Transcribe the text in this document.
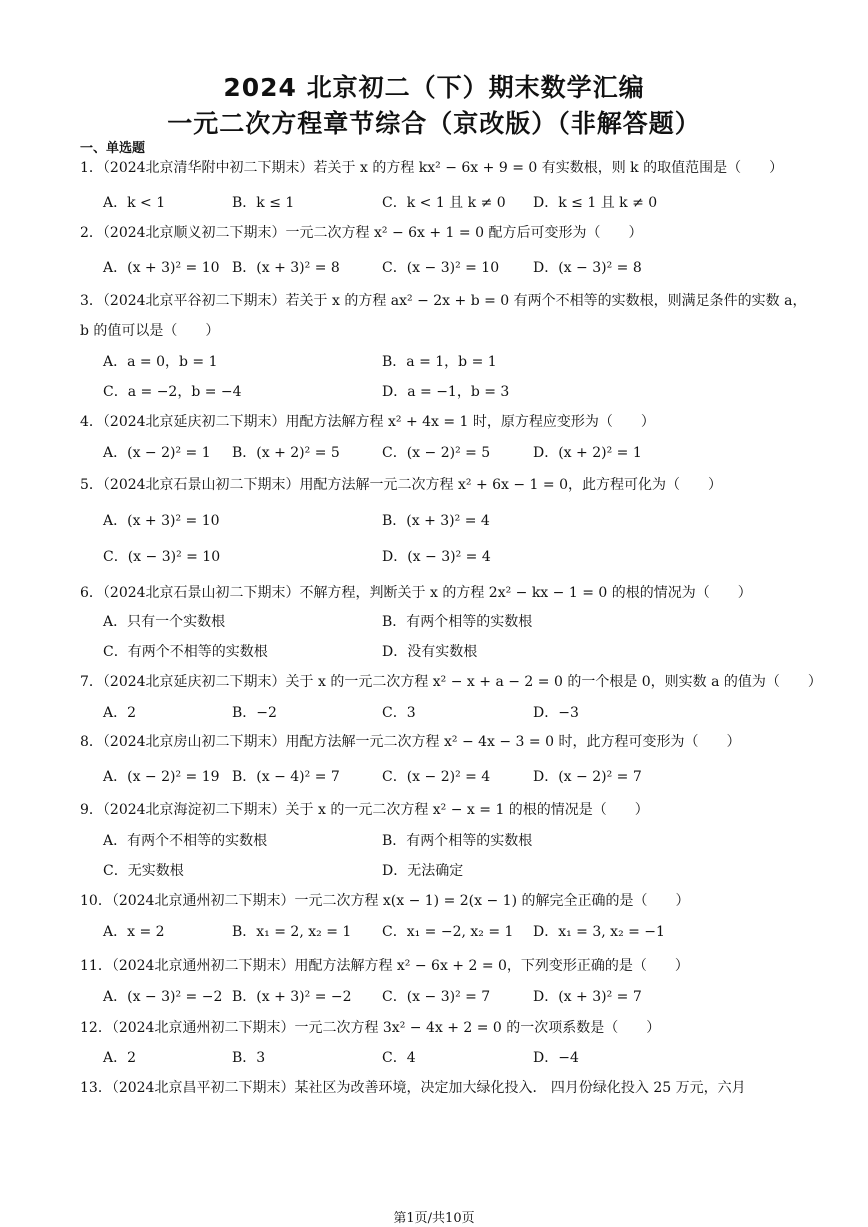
2024 北京初二（下）期末数学汇编
一元二次方程章节综合（京改版）（非解答题）
一、单选题
1．（2024北京清华附中初二下期末）若关于 x 的方程 kx² − 6x + 9 = 0 有实数根，则 k 的取值范围是（　　）
A．k < 1	B．k ≤ 1	C．k < 1 且 k ≠ 0 D．k ≤ 1 且 k ≠ 0
2．（2024北京顺义初二下期末）一元二次方程 x² − 6x + 1 = 0 配方后可变形为（　　）
A．(x + 3)² = 10 B．(x + 3)² = 8	C．(x − 3)² = 10 D．(x − 3)² = 8
3．（2024北京平谷初二下期末）若关于 x 的方程 ax² − 2x + b = 0 有两个不相等的实数根，则满足条件的实数 a，
b 的值可以是（　　）
A．a = 0，b = 1	B．a = 1，b = 1
C．a = −2，b = −4	D．a = −1，b = 3
4．（2024北京延庆初二下期末）用配方法解方程 x² + 4x = 1 时，原方程应变形为（　　）
A．(x − 2)² = 1 B．(x + 2)² = 5	C．(x − 2)² = 5	D．(x + 2)² = 1
5．（2024北京石景山初二下期末）用配方法解一元二次方程 x² + 6x − 1 = 0，此方程可化为（　　）
A．(x + 3)² = 10	B．(x + 3)² = 4
C．(x − 3)² = 10	D．(x − 3)² = 4
6．（2024北京石景山初二下期末）不解方程，判断关于 x 的方程 2x² − kx − 1 = 0 的根的情况为（　　）
A．只有一个实数根	B．有两个相等的实数根
C．有两个不相等的实数根	D．没有实数根
7．（2024北京延庆初二下期末）关于 x 的一元二次方程 x² − x + a − 2 = 0 的一个根是 0，则实数 a 的值为（　　）
A．2	B．−2	C．3	D．−3
8．（2024北京房山初二下期末）用配方法解一元二次方程 x² − 4x − 3 = 0 时，此方程可变形为（　　）
A．(x − 2)² = 19 B．(x − 4)² = 7	C．(x − 2)² = 4	D．(x − 2)² = 7
9．（2024北京海淀初二下期末）关于 x 的一元二次方程 x² − x = 1 的根的情况是（　　）
A．有两个不相等的实数根	B．有两个相等的实数根
C．无实数根	D．无法确定
10．（2024北京通州初二下期末）一元二次方程 x(x − 1) = 2(x − 1) 的解完全正确的是（　　）
A．x = 2	B．x₁ = 2, x₂ = 1 C．x₁ = −2, x₂ = 1 D．x₁ = 3, x₂ = −1
11．（2024北京通州初二下期末）用配方法解方程 x² − 6x + 2 = 0，下列变形正确的是（　　）
A．(x − 3)² = −2 B．(x + 3)² = −2 C．(x − 3)² = 7	D．(x + 3)² = 7
12．（2024北京通州初二下期末）一元二次方程 3x² − 4x + 2 = 0 的一次项系数是（　　）
A．2	B．3	C．4	D．−4
13．（2024北京昌平初二下期末）某社区为改善环境，决定加大绿化投入． 四月份绿化投入 25 万元，六月
第1页/共10页
